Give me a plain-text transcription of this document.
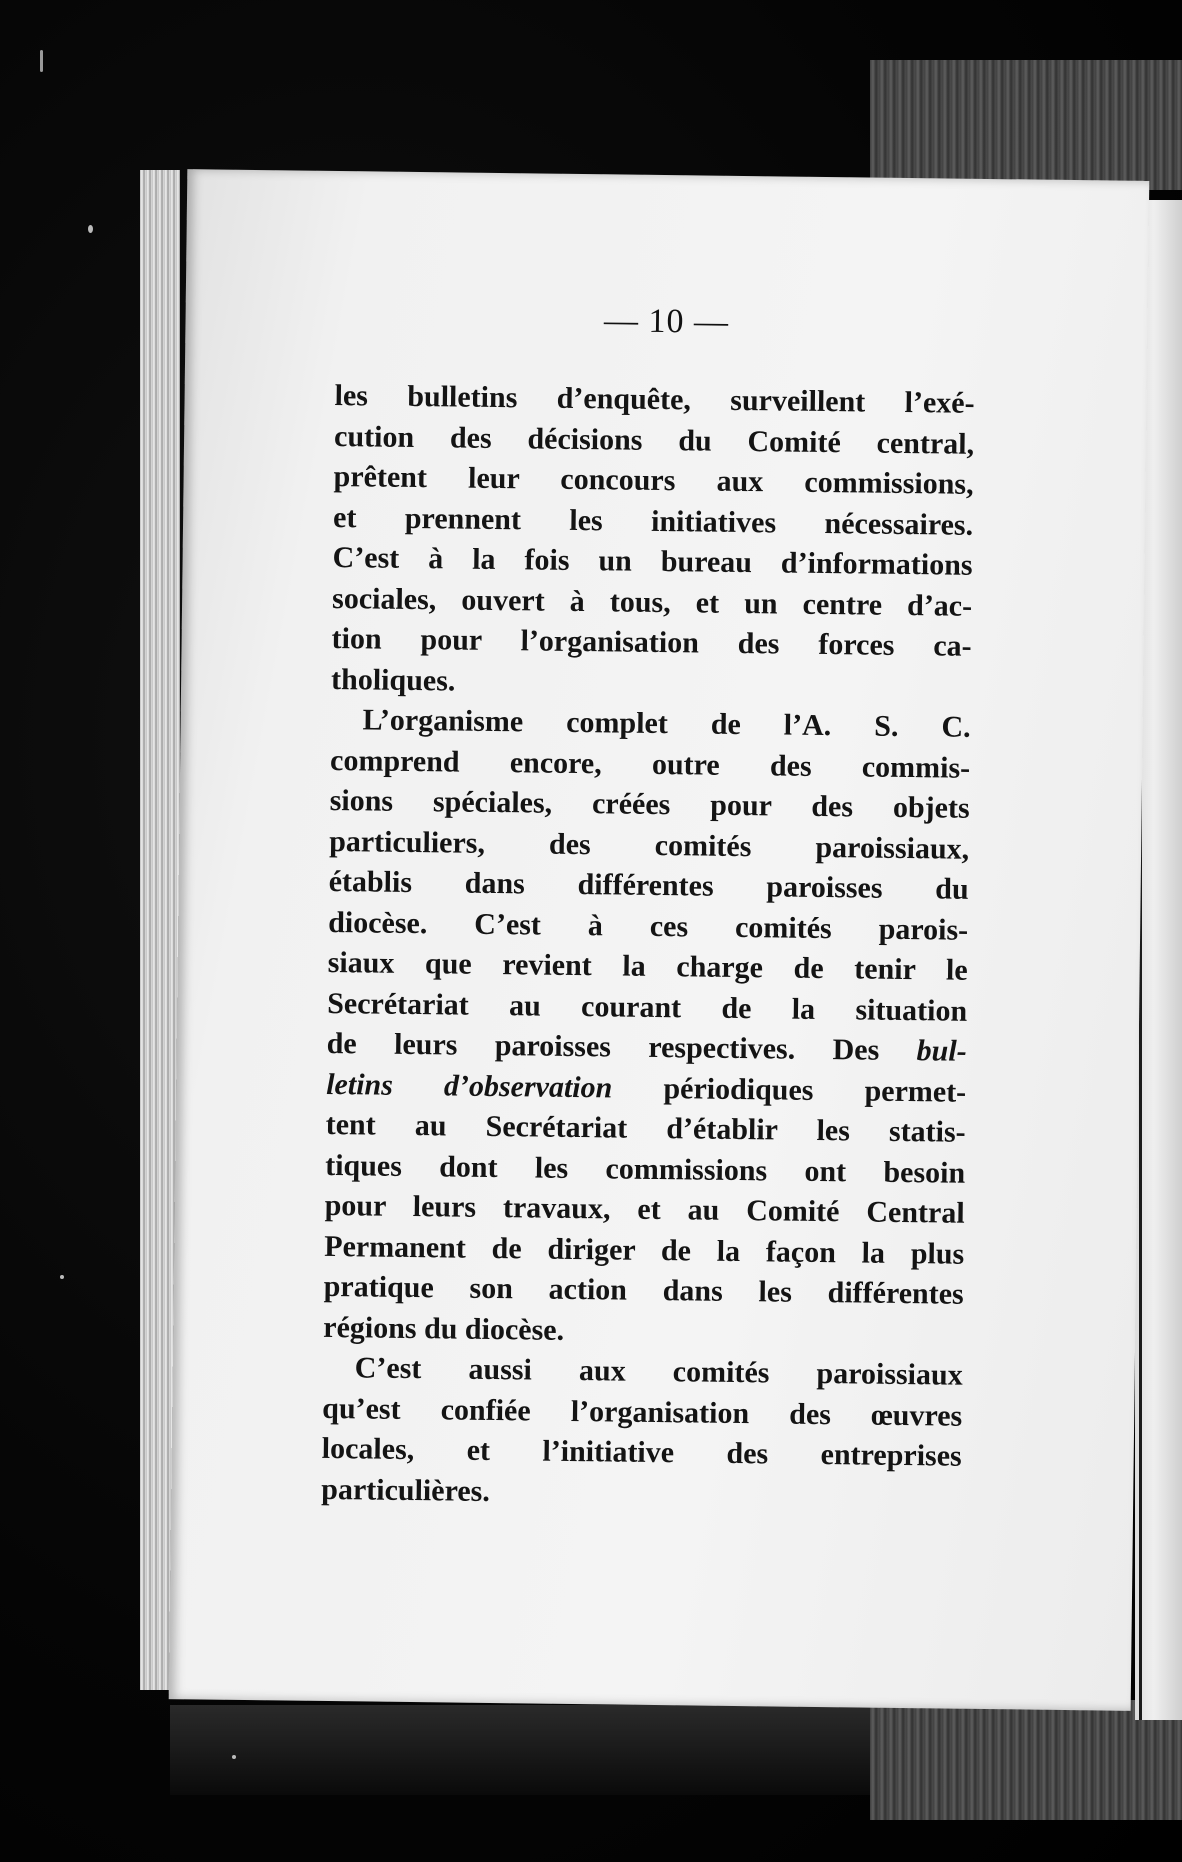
— 10 —
les bulletins d’enquête, surveillent l’exé-
cution des décisions du Comité central,
prêtent leur concours aux commissions,
et prennent les initiatives nécessaires.
C’est à la fois un bureau d’informations
sociales, ouvert à tous, et un centre d’ac-
tion pour l’organisation des forces ca-
tholiques.
L’organisme complet de l’A. S. C.
comprend encore, outre des commis-
sions spéciales, créées pour des objets
particuliers, des comités paroissiaux,
établis dans différentes paroisses du
diocèse. C’est à ces comités parois-
siaux que revient la charge de tenir le
Secrétariat au courant de la situation
de leurs paroisses respectives. Des bul-
letins d’observation périodiques permet-
tent au Secrétariat d’établir les statis-
tiques dont les commissions ont besoin
pour leurs travaux, et au Comité Central
Permanent de diriger de la façon la plus
pratique son action dans les différentes
régions du diocèse.
C’est aussi aux comités paroissiaux
qu’est confiée l’organisation des œuvres
locales, et l’initiative des entreprises
particulières.
